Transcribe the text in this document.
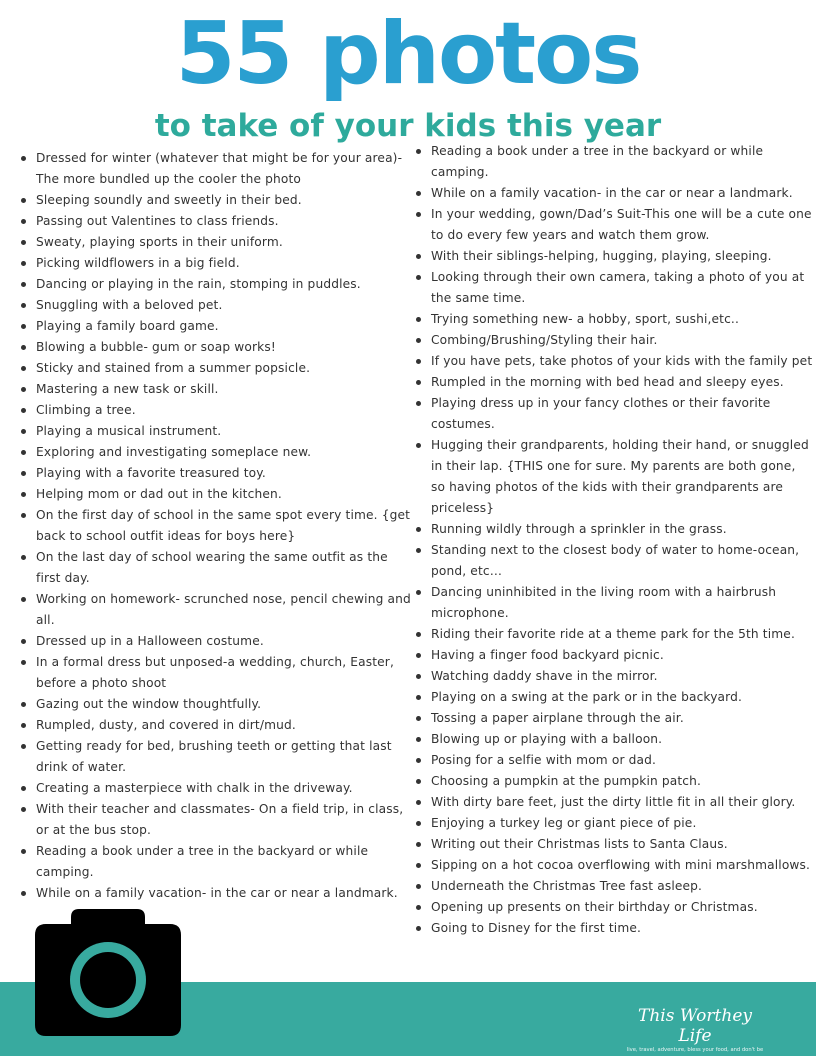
55 photos
to take of your kids this year
Dressed for winter (whatever that might be for your area)- The more bundled up the cooler the photo
Sleeping soundly and sweetly in their bed.
Passing out Valentines to class friends.
Sweaty, playing sports in their uniform.
Picking wildflowers in a big field.
Dancing or playing in the rain, stomping in puddles.
Snuggling with a beloved pet.
Playing a family board game.
Blowing a bubble- gum or soap works!
Sticky and stained from a summer popsicle.
Mastering a new task or skill.
Climbing a tree.
Playing a musical instrument.
Exploring and investigating someplace new.
Playing with a favorite treasured toy.
Helping mom or dad out in the kitchen.
On the first day of school in the same spot every time. {get back to school outfit ideas for boys here}
On the last day of school wearing the same outfit as the first day.
Working on homework- scrunched nose, pencil chewing and all.
Dressed up in a Halloween costume.
In a formal dress but unposed-a wedding, church, Easter, before a photo shoot
Gazing out the window thoughtfully.
Rumpled, dusty, and covered in dirt/mud.
Getting ready for bed, brushing teeth or getting that last drink of water.
Creating a masterpiece with chalk in the driveway.
With their teacher and classmates- On a field trip, in class, or at the bus stop.
Reading a book under a tree in the backyard or while camping.
While on a family vacation- in the car or near a landmark.
Reading a book under a tree in the backyard or while camping.
While on a family vacation- in the car or near a landmark.
In your wedding, gown/Dad’s Suit-This one will be a cute one to do every few years and watch them grow.
With their siblings-helping, hugging, playing, sleeping.
Looking through their own camera, taking a photo of you at the same time.
Trying something new- a hobby, sport, sushi,etc..
Combing/Brushing/Styling their hair.
If you have pets, take photos of your kids with the family pet
Rumpled in the morning with bed head and sleepy eyes.
Playing dress up in your fancy clothes or their favorite costumes.
Hugging their grandparents, holding their hand, or snuggled in their lap. {THIS one for sure. My parents are both gone, so having photos of the kids with their grandparents are priceless}
Running wildly through a sprinkler in the grass.
Standing next to the closest body of water to home-ocean, pond, etc…
Dancing uninhibited in the living room with a hairbrush microphone.
Riding their favorite ride at a theme park for the 5th time.
Having a finger food backyard picnic.
Watching daddy shave in the mirror.
Playing on a swing at the park or in the backyard.
Tossing a paper airplane through the air.
Blowing up or playing with a balloon.
Posing for a selfie with mom or dad.
Choosing a pumpkin at the pumpkin patch.
With dirty bare feet, just the dirty little fit in all their glory.
Enjoying a turkey leg or giant piece of pie.
Writing out their Christmas lists to Santa Claus.
Sipping on a hot cocoa overflowing with mini marshmallows.
Underneath the Christmas Tree fast asleep.
Opening up presents on their birthday or Christmas.
Going to Disney for the first time.
This Worthey Life
live, travel, adventure, bless your food, and don't be sorry
